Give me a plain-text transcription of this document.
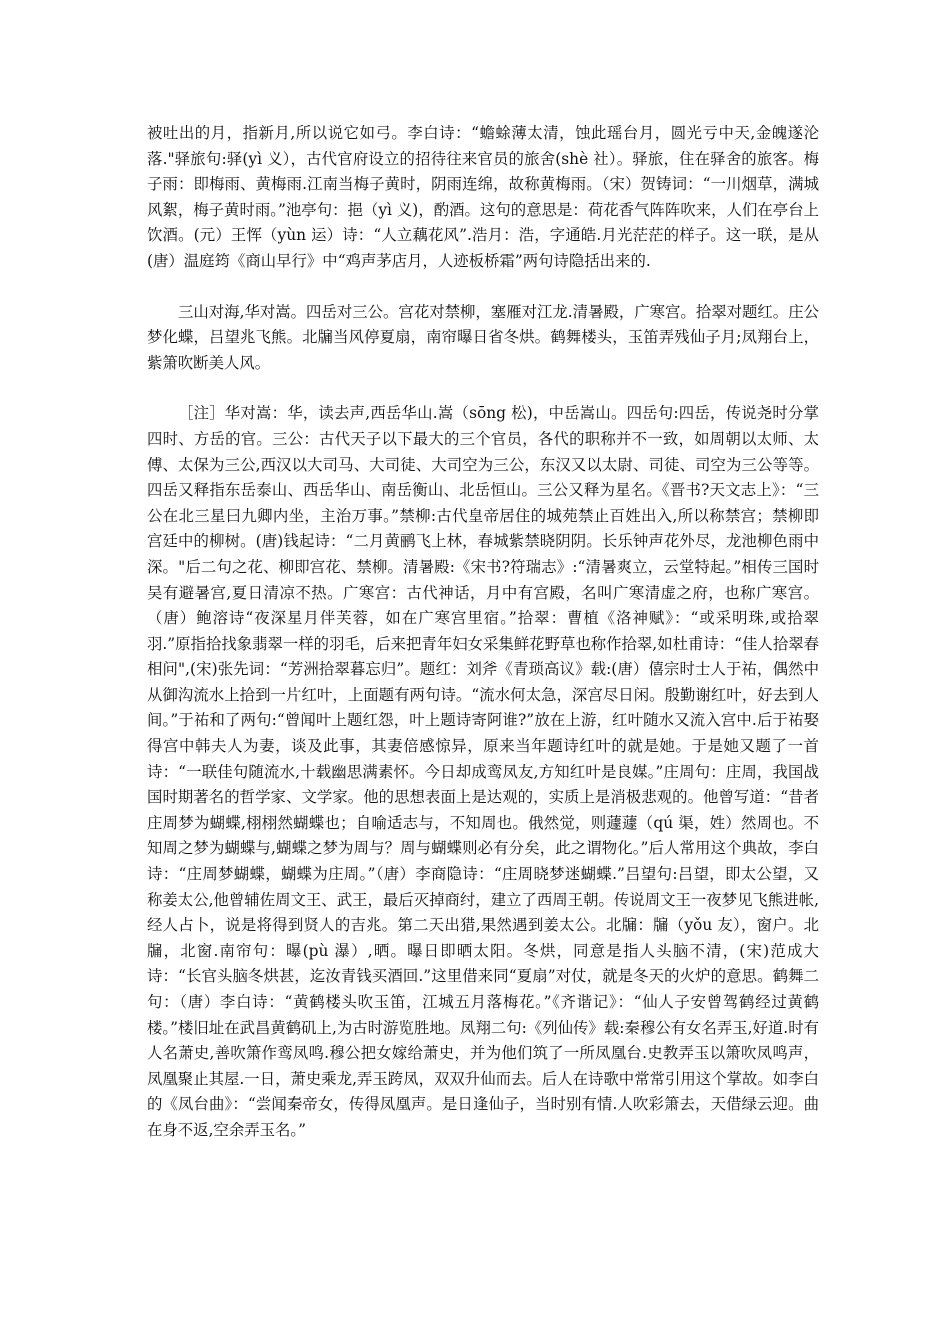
被吐出的月，指新月,所以说它如弓。李白诗：“蟾蜍薄太清，蚀此瑶台月，圆光亏中天,金魄遂沦落."驿旅句:驿(yì 义），古代官府设立的招待往来官员的旅舍(shè 社）。驿旅，住在驿舍的旅客。梅子雨：即梅雨、黄梅雨.江南当梅子黄时，阴雨连绵，故称黄梅雨。（宋）贺铸词：“一川烟草，满城风絮，梅子黄时雨。”池亭句：挹（yì 义)，酌酒。这句的意思是：荷花香气阵阵吹来，人们在亭台上饮酒。(元）王恽（yùn 运）诗：“人立藕花风”.浩月：浩，字通皓.月光茫茫的样子。这一联，是从(唐）温庭筠《商山早行》中“鸡声茅店月，人迹板桥霜”两句诗隐括出来的.

三山对海,华对嵩。四岳对三公。宫花对禁柳，塞雁对江龙.清暑殿，广寒宫。拾翠对题红。庄公梦化蝶，吕望兆飞熊。北牖当风停夏扇，南帘曝日省冬烘。鹤舞楼头，玉笛弄残仙子月;凤翔台上，紫箫吹断美人风。

［注］华对嵩：华，读去声,西岳华山.嵩（sōng 松)，中岳嵩山。四岳句:四岳，传说尧时分掌四时、方岳的官。三公：古代天子以下最大的三个官员，各代的职称并不一致，如周朝以太师、太傅、太保为三公,西汉以大司马、大司徒、大司空为三公，东汉又以太尉、司徒、司空为三公等等。四岳又释指东岳泰山、西岳华山、南岳衡山、北岳恒山。三公又释为星名。《晋书?天文志上》：“三公在北三星曰九卿内坐，主治万事。”禁柳:古代皇帝居住的城苑禁止百姓出入,所以称禁宫；禁柳即宫廷中的柳树。(唐)钱起诗：“二月黄鹂飞上林，春城紫禁晓阴阴。长乐钟声花外尽，龙池柳色雨中深。"后二句之花、柳即宫花、禁柳。清暑殿:《宋书?符瑞志》:“清暑爽立，云堂特起。”相传三国时吴有避暑宫,夏日清凉不热。广寒宫：古代神话，月中有宫殿，名叫广寒清虚之府，也称广寒宫。（唐）鲍溶诗“夜深星月伴芙蓉，如在广寒宫里宿。”拾翠：曹植《洛神赋》：“或采明珠,或拾翠羽.”原指拾找象翡翠一样的羽毛，后来把青年妇女采集鲜花野草也称作拾翠,如杜甫诗：“佳人拾翠春相问",(宋)张先词：“芳洲拾翠暮忘归”。题红：刘斧《青琐高议》载:(唐）僖宗时士人于祐，偶然中从御沟流水上拾到一片红叶，上面题有两句诗。“流水何太急，深宫尽日闲。殷勤谢红叶，好去到人间。”于祐和了两句:“曾闻叶上题红怨，叶上题诗寄阿谁?”放在上游，红叶随水又流入宫中.后于祐娶得宫中韩夫人为妻，谈及此事，其妻倍感惊异，原来当年题诗红叶的就是她。于是她又题了一首诗：“一联佳句随流水,十载幽思满素怀。今日却成鸾凤友,方知红叶是良媒。”庄周句：庄周，我国战国时期著名的哲学家、文学家。他的思想表面上是达观的，实质上是消极悲观的。他曾写道：“昔者庄周梦为蝴蝶,栩栩然蝴蝶也；自喻适志与，不知周也。俄然觉，则蘧蘧（qú 渠，姓）然周也。不知周之梦为蝴蝶与,蝴蝶之梦为周与？周与蝴蝶则必有分矣，此之谓物化。”后人常用这个典故，李白诗：“庄周梦蝴蝶，蝴蝶为庄周。”（唐）李商隐诗：“庄周晓梦迷蝴蝶.”吕望句:吕望，即太公望，又称姜太公,他曾辅佐周文王、武王，最后灭掉商纣，建立了西周王朝。传说周文王一夜梦见飞熊进帐,经人占卜，说是将得到贤人的吉兆。第二天出猎,果然遇到姜太公。北牖：牖（yǒu 友），窗户。北牖，北窗.南帘句：曝(pù 瀑）,晒。曝日即晒太阳。冬烘，同意是指人头脑不清，(宋)范成大诗：“长官头脑冬烘甚，迄汝青钱买酒回.”这里借来同“夏扇”对仗，就是冬天的火炉的意思。鹤舞二句：（唐）李白诗：“黄鹤楼头吹玉笛，江城五月落梅花。”《齐谐记》：“仙人子安曾驾鹤经过黄鹤楼。”楼旧址在武昌黄鹤矶上,为古时游览胜地。凤翔二句:《列仙传》载:秦穆公有女名弄玉,好道.时有人名萧史,善吹箫作鸾凤鸣.穆公把女嫁给萧史，并为他们筑了一所凤凰台.史教弄玉以箫吹凤鸣声，凤凰聚止其屋.一日，萧史乘龙,弄玉跨凤，双双升仙而去。后人在诗歌中常常引用这个掌故。如李白的《凤台曲》：“尝闻秦帝女，传得凤凰声。是日逢仙子，当时别有情.人吹彩箫去，天借绿云迎。曲在身不返,空余弄玉名。”
